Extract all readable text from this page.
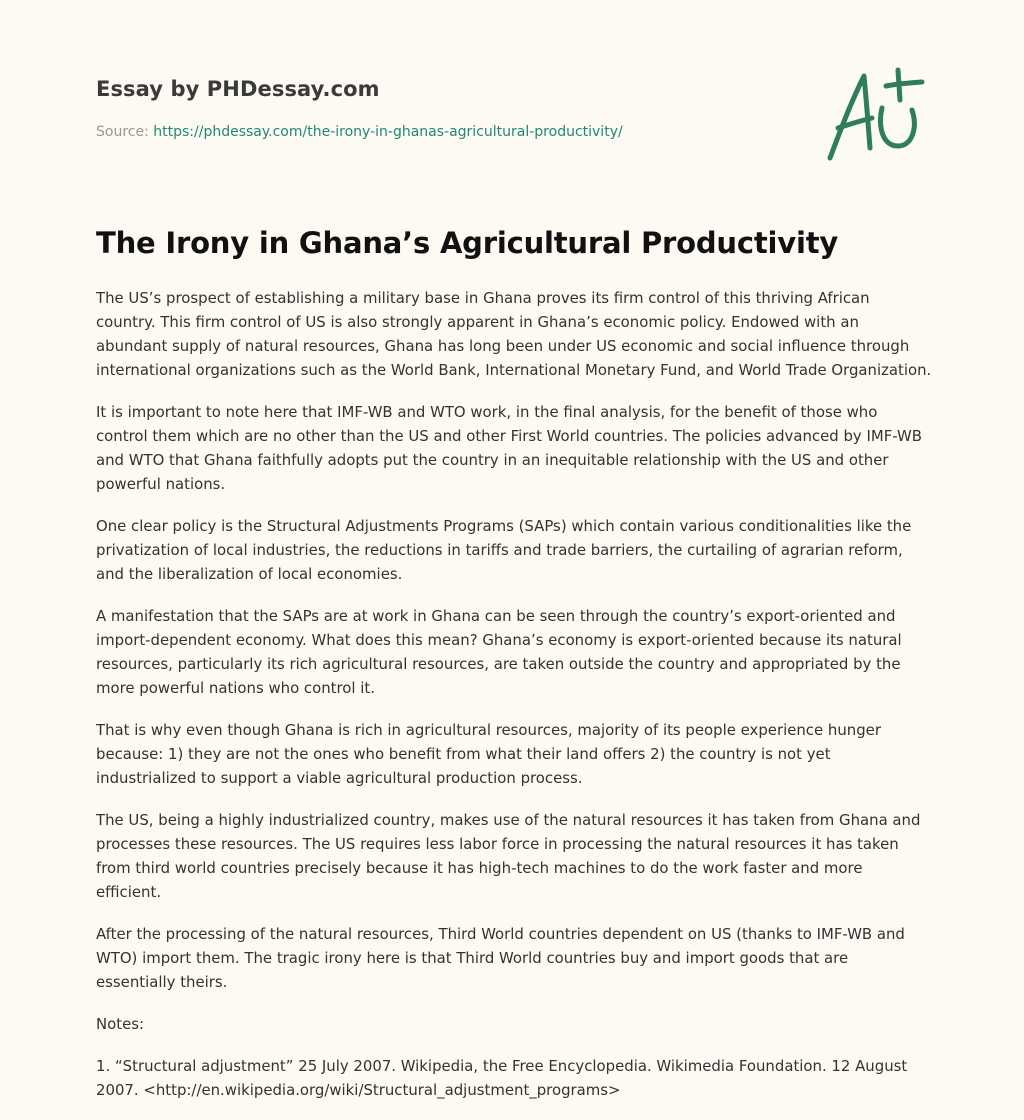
Essay by PHDessay.com
Source: https://phdessay.com/the-irony-in-ghanas-agricultural-productivity/
The Irony in Ghana’s Agricultural Productivity

The US’s prospect of establishing a military base in Ghana proves its firm control of this thriving African country. This firm control of US is also strongly apparent in Ghana’s economic policy. Endowed with an abundant supply of natural resources, Ghana has long been under US economic and social influence through international organizations such as the World Bank, International Monetary Fund, and World Trade Organization.

It is important to note here that IMF-WB and WTO work, in the final analysis, for the benefit of those who control them which are no other than the US and other First World countries. The policies advanced by IMF-WB and WTO that Ghana faithfully adopts put the country in an inequitable relationship with the US and other powerful nations.

One clear policy is the Structural Adjustments Programs (SAPs) which contain various conditionalities like the privatization of local industries, the reductions in tariffs and trade barriers, the curtailing of agrarian reform, and the liberalization of local economies.

A manifestation that the SAPs are at work in Ghana can be seen through the country’s export-oriented and import-dependent economy. What does this mean? Ghana’s economy is export-oriented because its natural resources, particularly its rich agricultural resources, are taken outside the country and appropriated by the more powerful nations who control it.

That is why even though Ghana is rich in agricultural resources, majority of its people experience hunger because: 1) they are not the ones who benefit from what their land offers 2) the country is not yet industrialized to support a viable agricultural production process.

The US, being a highly industrialized country, makes use of the natural resources it has taken from Ghana and processes these resources. The US requires less labor force in processing the natural resources it has taken from third world countries precisely because it has high-tech machines to do the work faster and more efficient.

After the processing of the natural resources, Third World countries dependent on US (thanks to IMF-WB and WTO) import them. The tragic irony here is that Third World countries buy and import goods that are essentially theirs.

Notes:

1. “Structural adjustment” 25 July 2007. Wikipedia, the Free Encyclopedia. Wikimedia Foundation. 12 August 2007. <http://en.wikipedia.org/wiki/Structural_adjustment_programs>
